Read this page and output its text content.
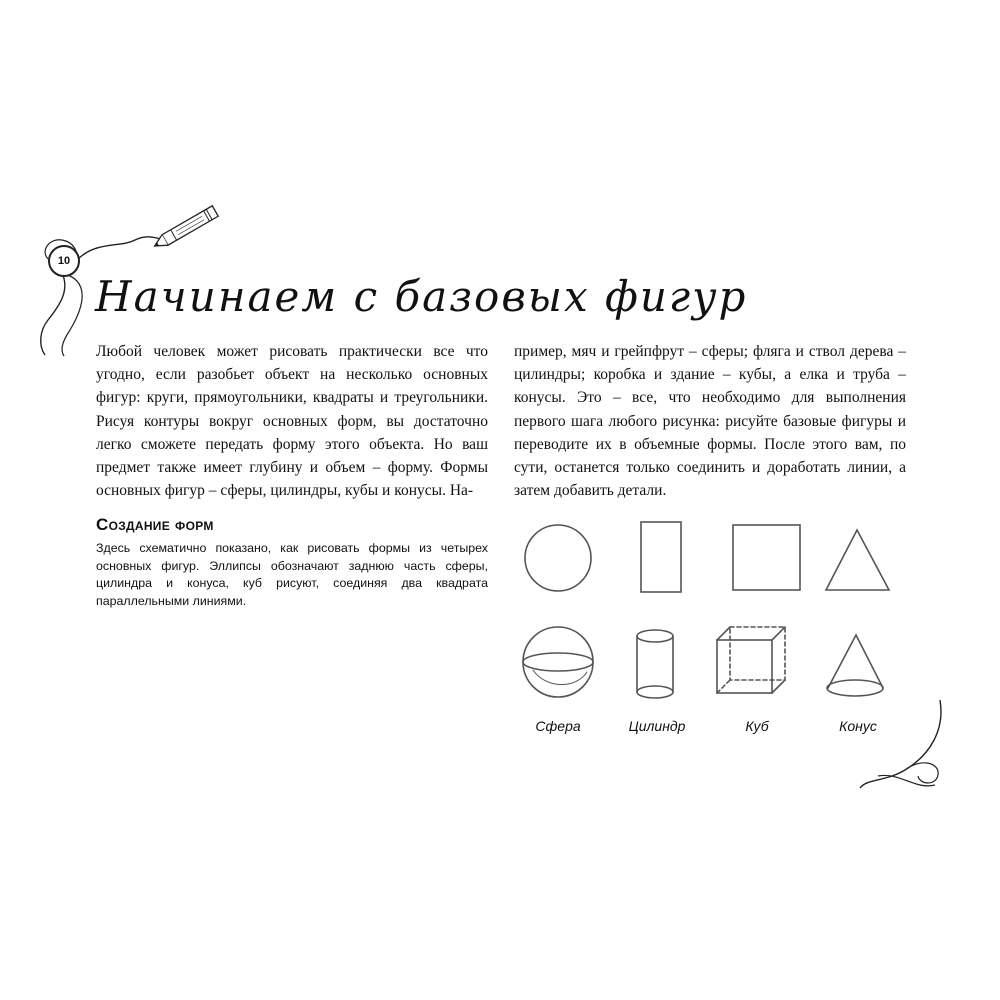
10
Начинаем с базовых фигур
Любой человек может рисовать практически все что угодно, если разобьет объект на несколько основных фигур: круги, прямоугольники, квадраты и треугольники. Рисуя контуры вокруг основных форм, вы достаточно легко сможете передать форму этого объекта. Но ваш предмет также имеет глубину и объем – форму. Формы основных фигур – сферы, цилиндры, кубы и конусы. На-
пример, мяч и грейпфрут – сферы; фляга и ствол дерева – цилиндры; коробка и здание – кубы, а елка и труба – конусы. Это – все, что необходимо для выполнения первого шага любого рисунка: рисуйте базовые фигуры и переводите их в объемные формы. После этого вам, по сути, останется только соединить и доработать линии, а затем добавить детали.
Создание форм
Здесь схематично показано, как рисовать формы из четырех основных фигур. Эллипсы обозначают заднюю часть сферы, цилиндра и конуса, куб рисуют, соединяя два квадрата параллельными линиями.
Сфера	Цилиндр	Куб	Конус
